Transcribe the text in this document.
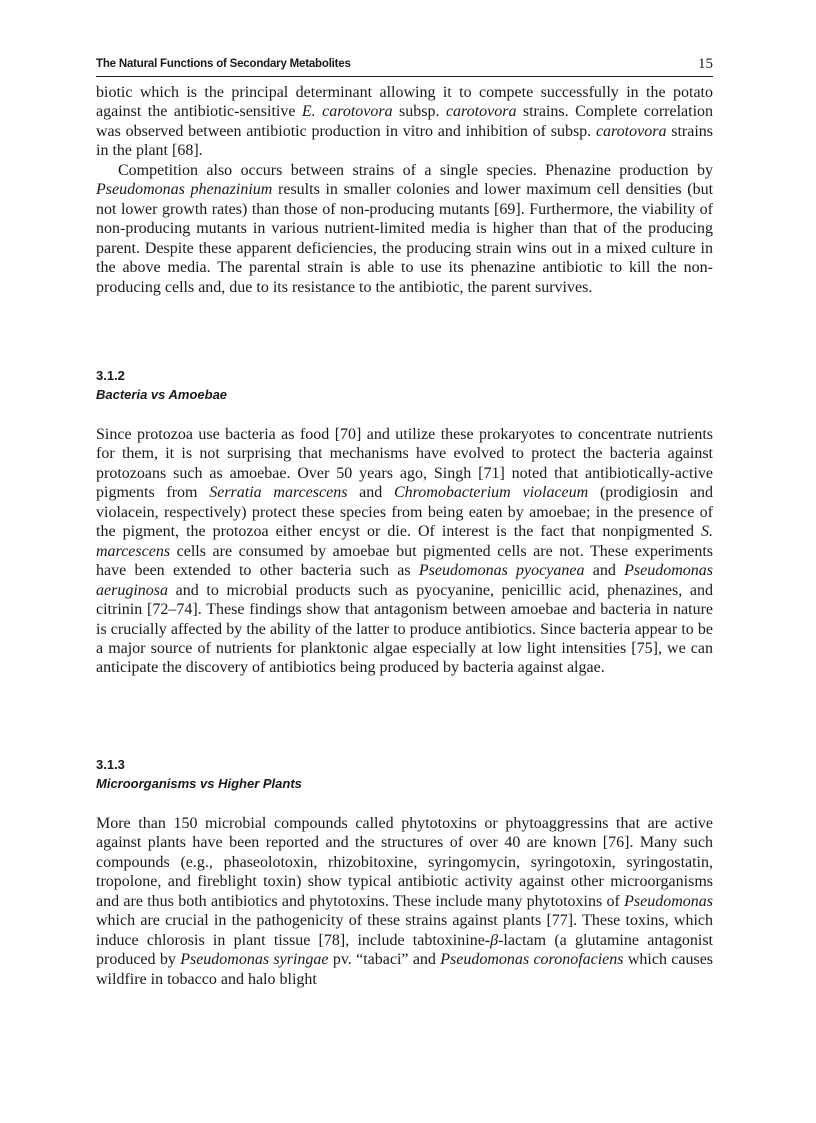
The Natural Functions of Secondary Metabolites	15

biotic which is the principal determinant allowing it to compete successfully in the potato against the antibiotic-sensitive E. carotovora subsp. carotovora strains. Complete correlation was observed between antibiotic production in vitro and inhibition of subsp. carotovora strains in the plant [68].

Competition also occurs between strains of a single species. Phenazine production by Pseudomonas phenazinium results in smaller colonies and lower maximum cell densities (but not lower growth rates) than those of non-producing mutants [69]. Furthermore, the viability of non-producing mutants in various nutrient-limited media is higher than that of the producing parent. Despite these apparent deficiencies, the producing strain wins out in a mixed culture in the above media. The parental strain is able to use its phenazine antibiotic to kill the non-producing cells and, due to its resistance to the antibiotic, the parent survives.

3.1.2
Bacteria vs Amoebae

Since protozoa use bacteria as food [70] and utilize these prokaryotes to concentrate nutrients for them, it is not surprising that mechanisms have evolved to protect the bacteria against protozoans such as amoebae. Over 50 years ago, Singh [71] noted that antibiotically-active pigments from Serratia marcescens and Chromobacterium violaceum (prodigiosin and violacein, respectively) protect these species from being eaten by amoebae; in the presence of the pigment, the protozoa either encyst or die. Of interest is the fact that nonpigmented S. marcescens cells are consumed by amoebae but pigmented cells are not. These experiments have been extended to other bacteria such as Pseudomonas pyocyanea and Pseudomonas aeruginosa and to microbial products such as pyocyanine, penicillic acid, phenazines, and citrinin [72–74]. These findings show that antagonism between amoebae and bacteria in nature is crucially affected by the ability of the latter to produce antibiotics. Since bacteria appear to be a major source of nutrients for planktonic algae especially at low light intensities [75], we can anticipate the discovery of antibiotics being produced by bacteria against algae.

3.1.3
Microorganisms vs Higher Plants

More than 150 microbial compounds called phytotoxins or phytoaggressins that are active against plants have been reported and the structures of over 40 are known [76]. Many such compounds (e.g., phaseolotoxin, rhizobitoxine, syringomycin, syringotoxin, syringostatin, tropolone, and fireblight toxin) show typical antibiotic activity against other microorganisms and are thus both antibiotics and phytotoxins. These include many phytotoxins of Pseudomonas which are crucial in the pathogenicity of these strains against plants [77]. These toxins, which induce chlorosis in plant tissue [78], include tabtoxinine-β-lactam (a glutamine antagonist produced by Pseudomonas syringae pv. “tabaci” and Pseudomonas coronofaciens which causes wildfire in tobacco and halo blight
